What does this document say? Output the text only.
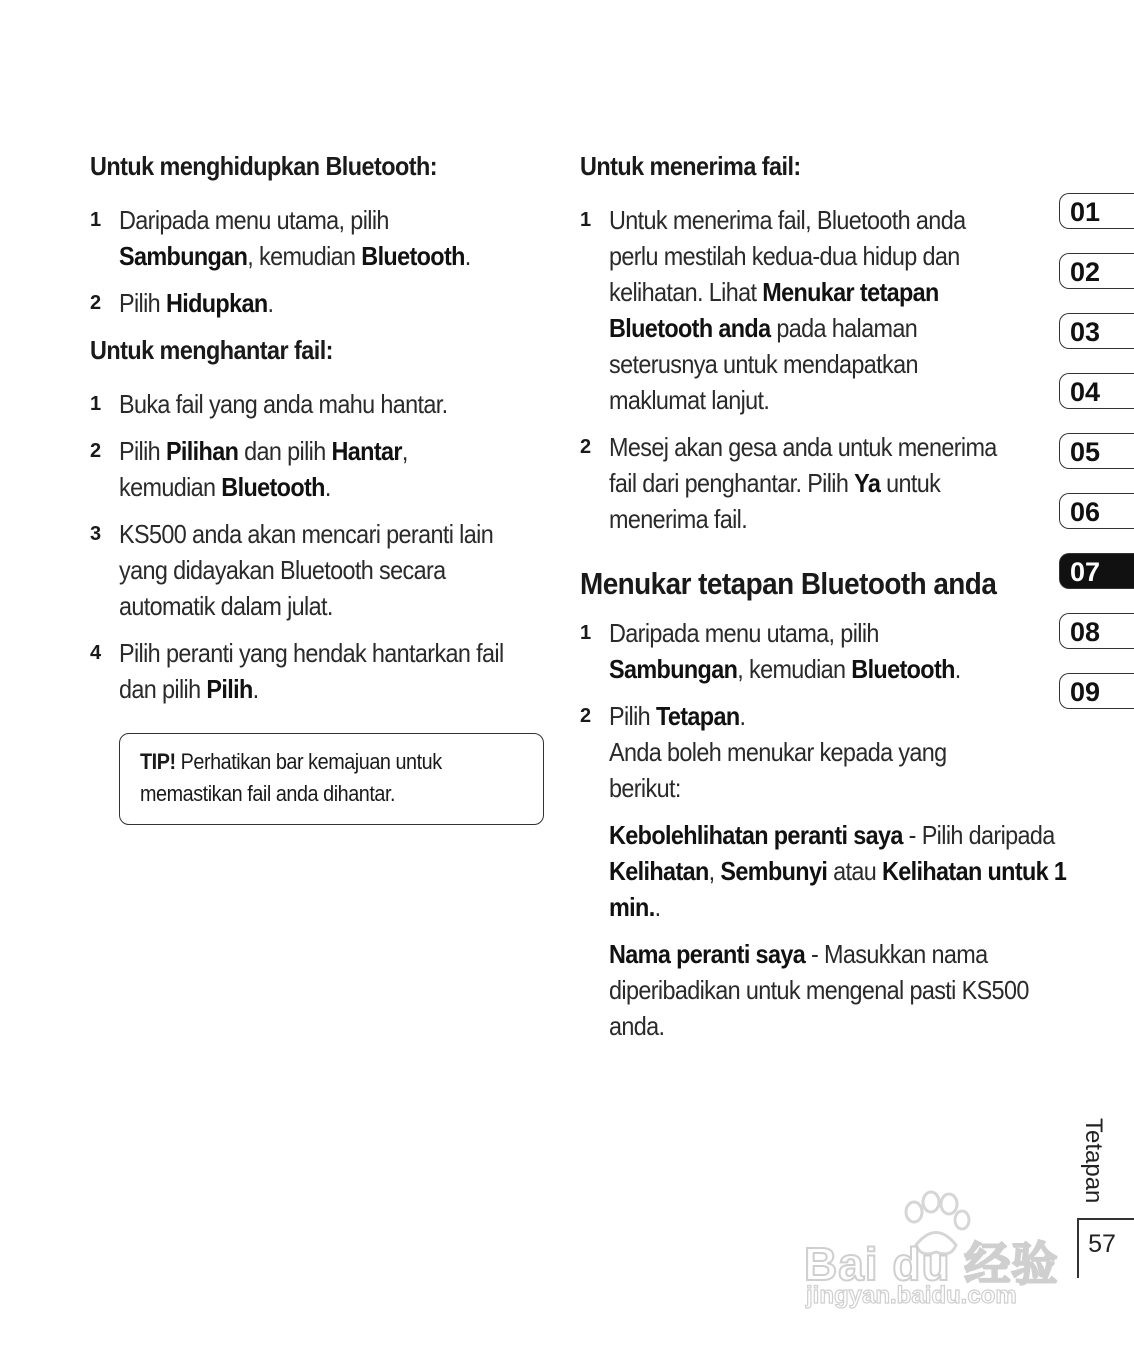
Untuk menghidupkan Bluetooth:
1 Daripada menu utama, pilih Sambungan, kemudian Bluetooth.
2 Pilih Hidupkan.
Untuk menghantar fail:
1 Buka fail yang anda mahu hantar.
2 Pilih Pilihan dan pilih Hantar, kemudian Bluetooth.
3 KS500 anda akan mencari peranti lain yang didayakan Bluetooth secara automatik dalam julat.
4 Pilih peranti yang hendak hantarkan fail dan pilih Pilih.
TIP! Perhatikan bar kemajuan untuk memastikan fail anda dihantar.
Untuk menerima fail:
1 Untuk menerima fail, Bluetooth anda perlu mestilah kedua-dua hidup dan kelihatan. Lihat Menukar tetapan Bluetooth anda pada halaman seterusnya untuk mendapatkan maklumat lanjut.
2 Mesej akan gesa anda untuk menerima fail dari penghantar. Pilih Ya untuk menerima fail.
Menukar tetapan Bluetooth anda
1 Daripada menu utama, pilih Sambungan, kemudian Bluetooth.
2 Pilih Tetapan.
Anda boleh menukar kepada yang berikut:
Kebolehlihatan peranti saya - Pilih daripada Kelihatan, Sembunyi atau Kelihatan untuk 1 min..
Nama peranti saya - Masukkan nama diperibadikan untuk mengenal pasti KS500 anda.
01
02
03
04
05
06
07
08
09
Tetapan
57
Bai du 经验
jingyan.baidu.com
